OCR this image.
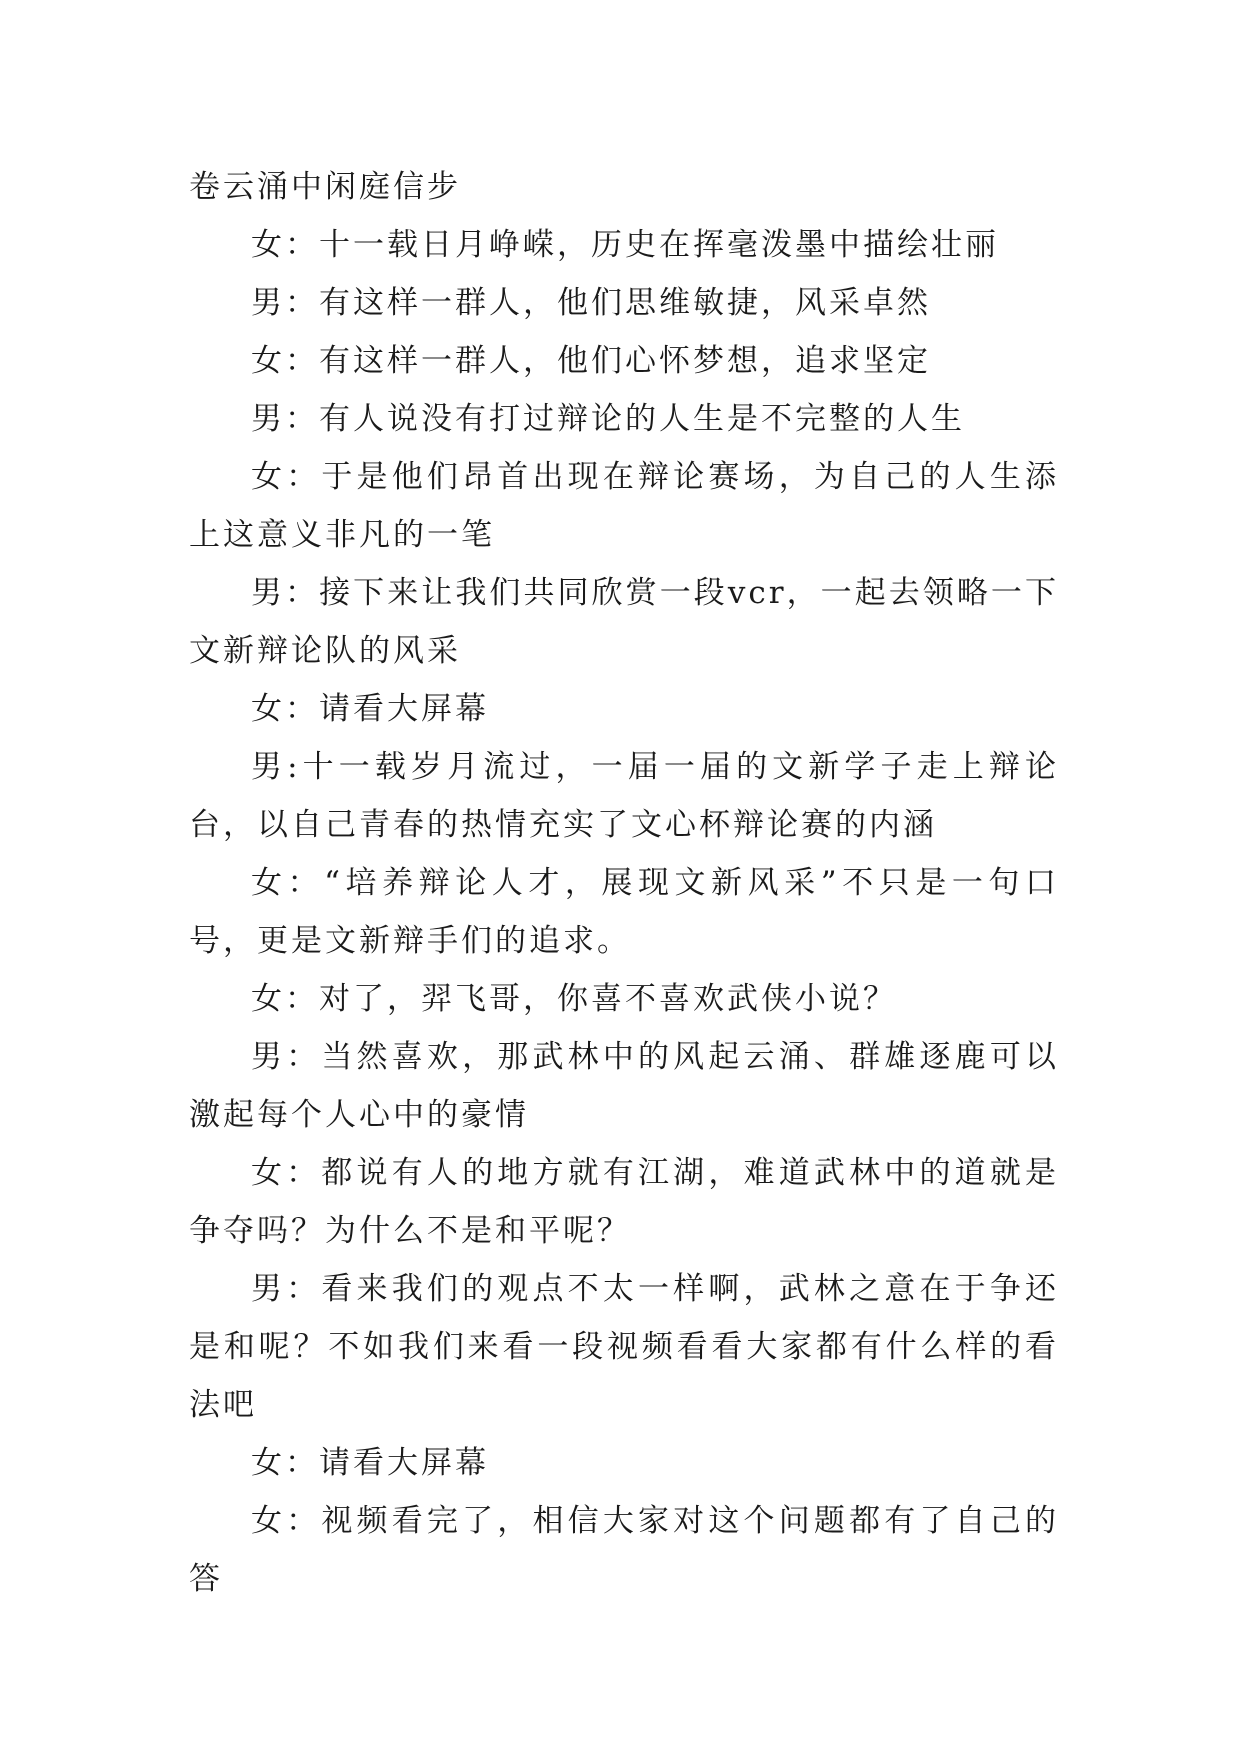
卷云涌中闲庭信步

女：十一载日月峥嵘，历史在挥毫泼墨中描绘壮丽

男：有这样一群人，他们思维敏捷，风采卓然

女：有这样一群人，他们心怀梦想，追求坚定

男：有人说没有打过辩论的人生是不完整的人生

女：于是他们昂首出现在辩论赛场，为自己的人生添上这意义非凡的一笔

男：接下来让我们共同欣赏一段vcr，一起去领略一下文新辩论队的风采

女：请看大屏幕

男:十一载岁月流过，一届一届的文新学子走上辩论台，以自己青春的热情充实了文心杯辩论赛的内涵

女：“培养辩论人才，展现文新风采”不只是一句口号，更是文新辩手们的追求。

女：对了，羿飞哥，你喜不喜欢武侠小说？

男：当然喜欢，那武林中的风起云涌、群雄逐鹿可以激起每个人心中的豪情

女：都说有人的地方就有江湖，难道武林中的道就是争夺吗？为什么不是和平呢？

男：看来我们的观点不太一样啊，武林之意在于争还是和呢？不如我们来看一段视频看看大家都有什么样的看法吧

女：请看大屏幕

女：视频看完了，相信大家对这个问题都有了自己的答
